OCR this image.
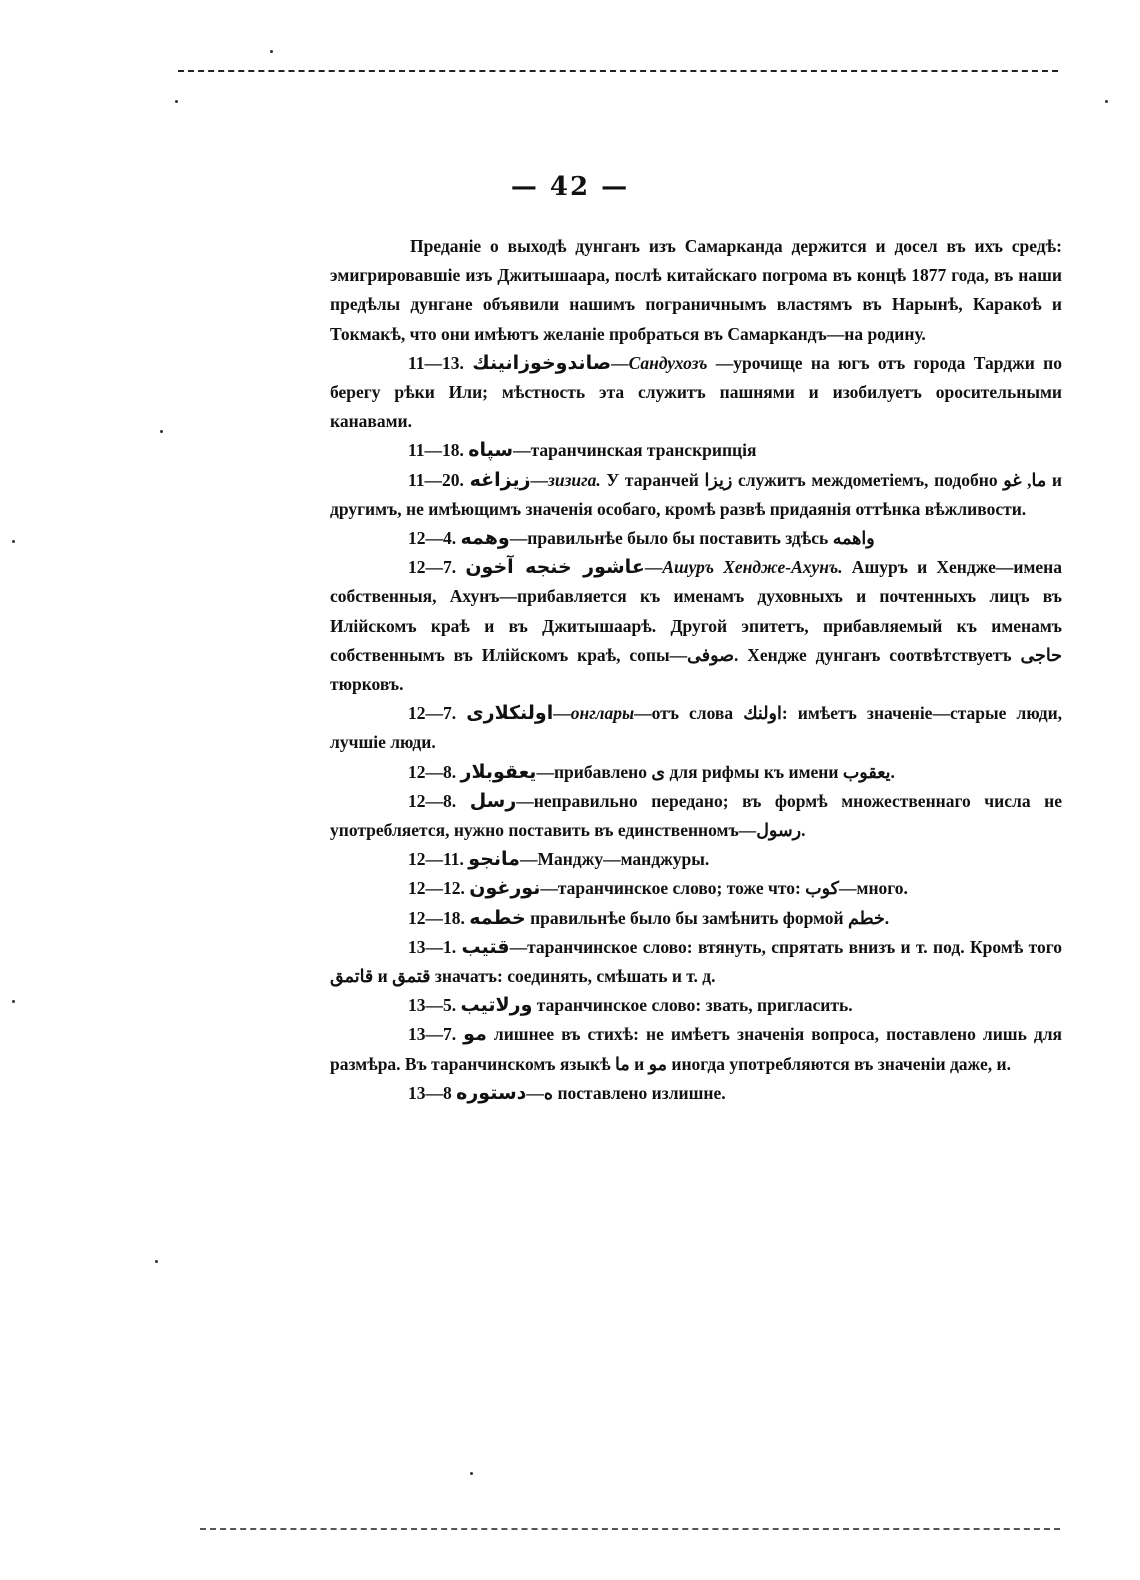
— 42 —

Преданіе о выходѣ дунганъ изъ Самарканда держится и досел въ ихъ средѣ: эмигрировавшіе изъ Джитышаара, послѣ китайскаго погрома въ концѣ 1877 года, въ наши предѣлы дунгане объявили нашимъ пограничнымъ властямъ въ Нарынѣ, Каракоѣ и Токмакѣ, что они имѣютъ желаніе пробраться въ Самаркандъ—на родину.

11—13. صاندوخوزانينك—Сандухозъ —урочище на югъ отъ города Тарджи по берегу рѣки Или; мѣстность эта служитъ пашнями и изобилуетъ оросительными канавами.

11—18. سپاه—таранчинская транскрипція

11—20. زيزاغه—зизига. У таранчей زيزا служитъ междометіемъ, подобно ما, غو и другимъ, не имѣющимъ значенія особаго, кромѣ развѣ придаянія оттѣнка вѣжливости.

12—4. وهمه—правильнѣе было бы поставить здѣсь واهمه

12—7. عاشور خنجه آخون—Ашуръ Хендже-Ахунъ. Ашуръ и Хендже—имена собственныя, Ахунъ—прибавляется къ именамъ духовныхъ и почтенныхъ лицъ въ Илійскомъ краѣ и въ Джитышаарѣ. Другой эпитетъ, прибавляемый къ именамъ собственнымъ въ Илійскомъ краѣ, сопы—صوفى. Хендже дунганъ соотвѣтствуетъ حاجى тюрковъ.

12—7. اولنكلارى—онглары—отъ слова اولنك: имѣетъ значеніе—старые люди, лучшіе люди.

12—8. يعقوبلار—прибавлено ى для рифмы къ имени يعقوب.

12—8. رسل—неправильно передано; въ формѣ множественнаго числа не употребляется, нужно поставить въ единственномъ—رسول.

12—11. مانجو—Манджу—манджуры.

12—12. نورغون—таранчинское слово; тоже что: كوب—много.

12—18. خطمه правильнѣе было бы замѣнить формой خطم.

13—1. قتيب—таранчинское слово: втянуть, спрятать внизъ и т. под. Кромѣ того قاتمق и قتمق значатъ: соединять, смѣшать и т. д.

13—5. ورلاتيب таранчинское слово: звать, пригласить.

13—7. مو лишнее въ стихѣ: не имѣетъ значенія вопроса, поставлено лишь для размѣра. Въ таранчинскомъ языкѣ ما и مو иногда употребляются въ значеніи даже, и.

13—8 دستورە—ە поставлено излишне.
